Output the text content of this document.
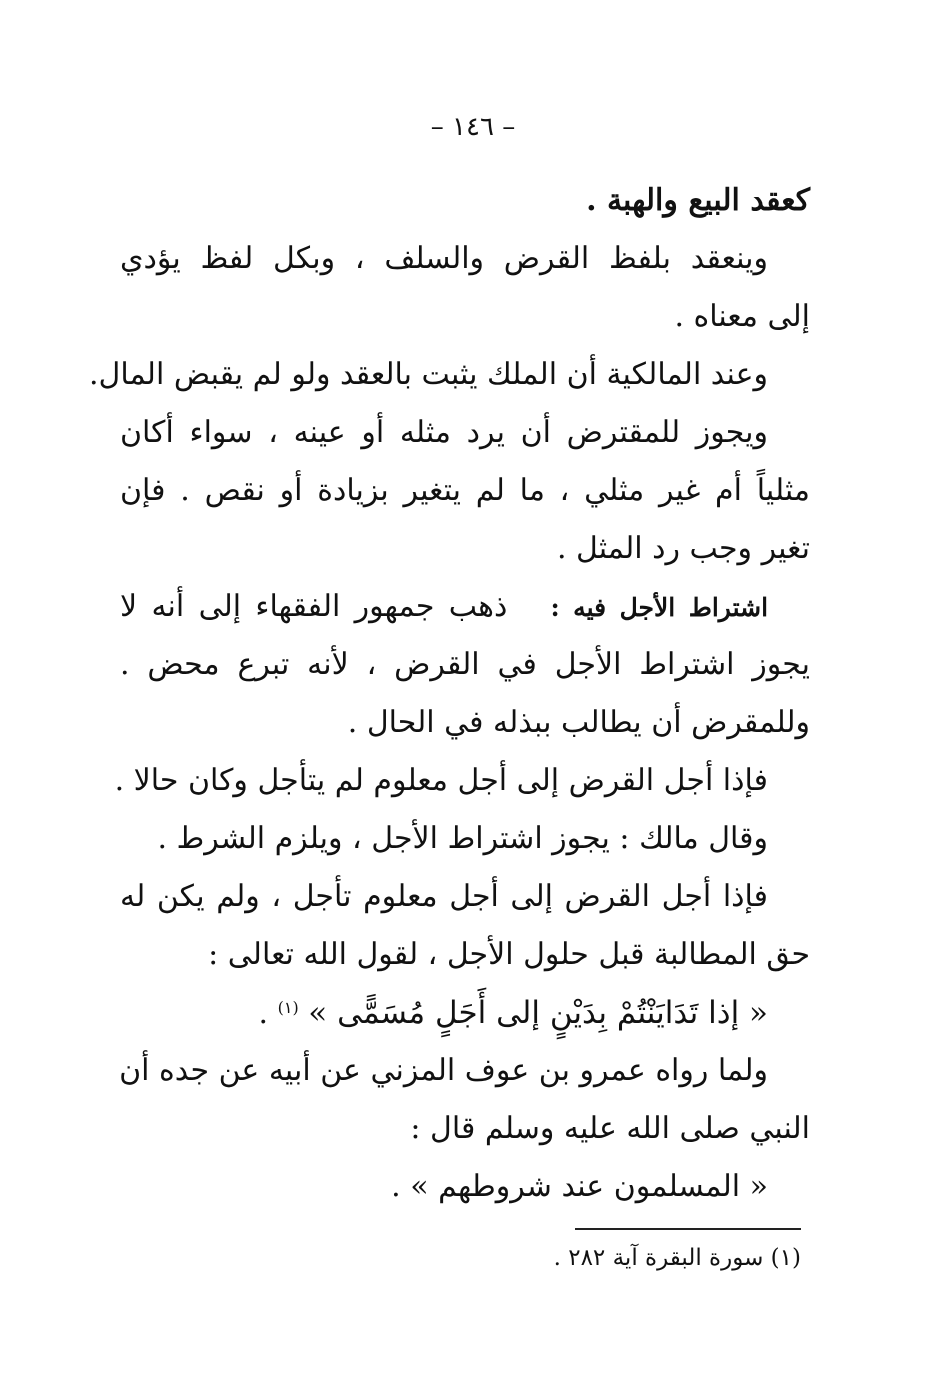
– ١٤٦ –
كعقد البيع والهبة .
وينعقد بلفظ القرض والسلف ، وبكل لفظ يؤدي
إلى معناه .
وعند المالكية أن الملك يثبت بالعقد ولو لم يقبض المال.
ويجوز للمقترض أن يرد مثله أو عينه ، سواء أكان
مثلياً أم غير مثلي ، ما لم يتغير بزيادة أو نقص . فإن
تغير وجب رد المثل .
اشتراط الأجل فيه :   ذهب جمهور الفقهاء إلى أنه لا
يجوز اشتراط الأجل في القرض ، لأنه تبرع محض .
وللمقرض أن يطالب ببذله في الحال .
فإذا أجل القرض إلى أجل معلوم لم يتأجل وكان حالا .
وقال مالك : يجوز اشتراط الأجل ، ويلزم الشرط .
فإذا أجل القرض إلى أجل معلوم تأجل ، ولم يكن له
حق المطالبة قبل حلول الأجل ، لقول الله تعالى :
« إذا تَدَايَنْتُمْ بِدَيْنٍ إلى أَجَلٍ مُسَمًّى » $^{(١)}$ .
ولما رواه عمرو بن عوف المزني عن أبيه عن جده أن
النبي صلى الله عليه وسلم قال :
« المسلمون عند شروطهم » .
(١) سورة البقرة آية ٢٨٢ .
